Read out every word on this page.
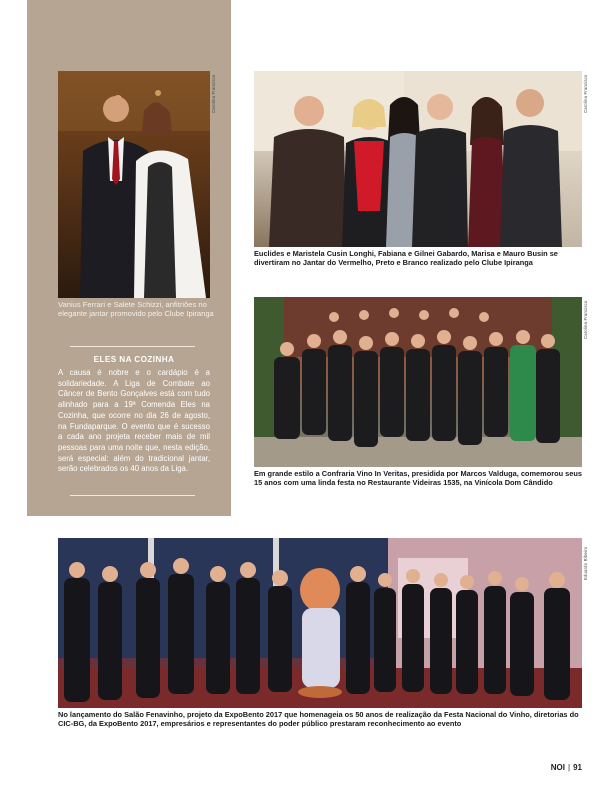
Carolina Francisco
Vanius Ferrari e Salete Schizzi, anfitriões no elegante jantar promovido pelo Clube Ipiranga
ELES NA COZINHA
A causa é nobre e o cardápio é a solidariedade. A Liga de Combate ao Câncer de Bento Gonçalves está com tudo alinhado para a 19ª Comenda Eles na Cozinha, que ocorre no dia 26 de agosto, na Fundaparque. O evento que é sucesso a cada ano projeta receber mais de mil pessoas para uma noite que, nesta edição, será especial: além do tradicional jantar, serão celebrados os 40 anos da Liga.
Carolina Francisco
Euclides e Maristela Cusin Longhi, Fabiana e Gilnei Gabardo, Marisa e Mauro Busin se divertiram no Jantar do Vermelho, Preto e Branco realizado pelo Clube Ipiranga
Carolina Francisco
Em grande estilo a Confraria Vino In Veritas, presidida por Marcos Valduga, comemorou seus 15 anos com uma linda festa no Restaurante Videiras 1535, na Vinícola Dom Cândido
Eduardo Ribeiro
No lançamento do Salão Fenavinho, projeto da ExpoBento 2017 que homenageia os 50 anos de realização da Festa Nacional do Vinho, diretorias do CIC-BG, da ExpoBento 2017, empresários e representantes do poder público prestaram reconhecimento ao evento
NOI | 91
